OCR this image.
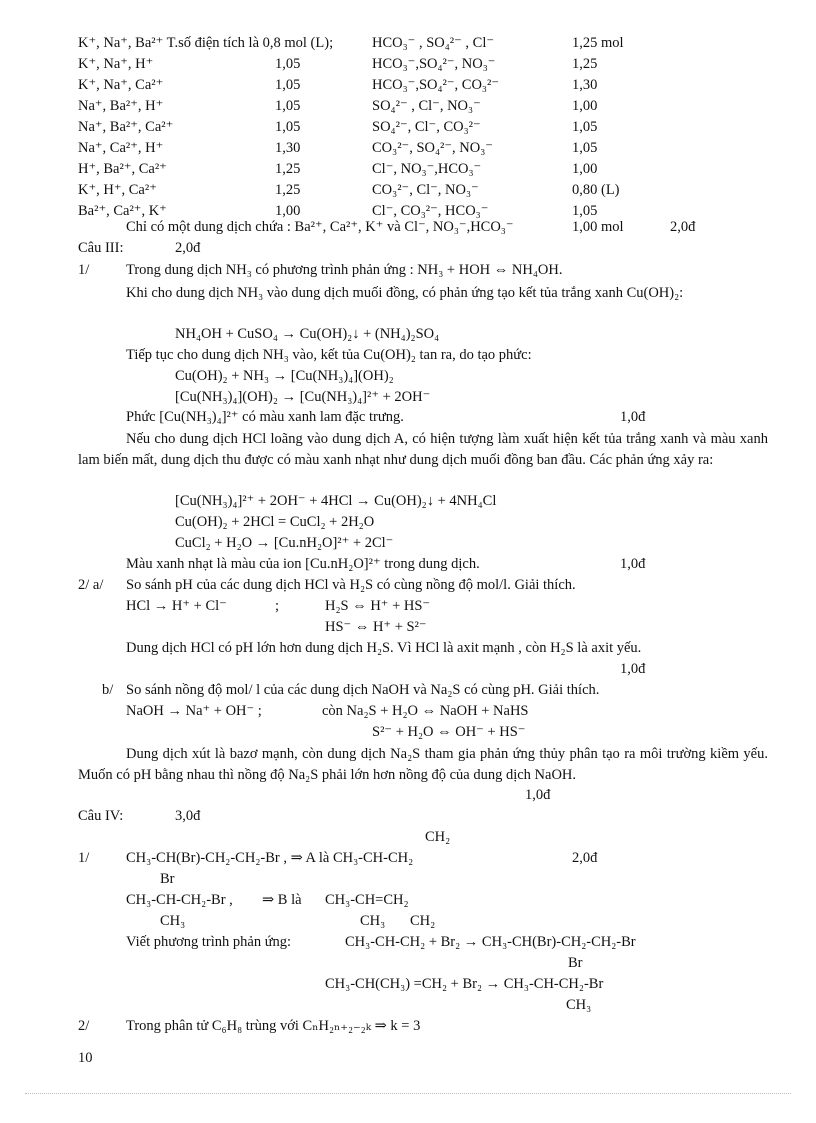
K⁺, Na⁺, Ba²⁺ T.số điện tích là 0,8 mol (L);	HCO₃⁻ , SO₄²⁻ , Cl⁻	1,25 mol
K⁺, Na⁺, H⁺	1,05	HCO₃⁻,SO₄²⁻, NO₃⁻	1,25
K⁺, Na⁺, Ca²⁺	1,05	HCO₃⁻,SO₄²⁻, CO₃²⁻	1,30
Na⁺, Ba²⁺, H⁺	1,05	SO₄²⁻ , Cl⁻, NO₃⁻	1,00
Na⁺, Ba²⁺, Ca²⁺	1,05	SO₄²⁻, Cl⁻, CO₃²⁻	1,05
Na⁺, Ca²⁺, H⁺	1,30	CO₃²⁻, SO₄²⁻, NO₃⁻	1,05
H⁺, Ba²⁺, Ca²⁺	1,25	Cl⁻, NO₃⁻,HCO₃⁻	1,00
K⁺, H⁺, Ca²⁺	1,25	CO₃²⁻, Cl⁻, NO₃⁻	0,80 (L)
Ba²⁺, Ca²⁺, K⁺	1,00	Cl⁻, CO₃²⁻, HCO₃⁻	1,05
Chỉ có một dung dịch chứa : Ba²⁺, Ca²⁺, K⁺ và Cl⁻, NO₃⁻,HCO₃⁻	1,00 mol	2,0đ
Câu III:	2,0đ
1/	Trong dung dịch NH₃ có phương trình phản ứng : NH₃ + HOH ⇔ NH₄OH.
Khi cho dung dịch NH₃ vào dung dịch muối đồng, có phản ứng tạo kết tủa trắng xanh Cu(OH)₂:
NH₄OH + CuSO₄ → Cu(OH)₂↓ + (NH₄)₂SO₄
Tiếp tục cho dung dịch NH₃ vào, kết tủa Cu(OH)₂ tan ra, do tạo phức:
Cu(OH)₂ + NH₃ → [Cu(NH₃)₄](OH)₂
[Cu(NH₃)₄](OH)₂ → [Cu(NH₃)₄]²⁺ + 2OH⁻
Phức [Cu(NH₃)₄]²⁺ có màu xanh lam đặc trưng.	1,0đ
Nếu cho dung dịch HCl loãng vào dung dịch A, có hiện tượng làm xuất hiện kết tủa trắng xanh và màu xanh lam biến mất, dung dịch thu được có màu xanh nhạt như dung dịch muối đồng ban đầu. Các phản ứng xảy ra:
[Cu(NH₃)₄]²⁺ + 2OH⁻ + 4HCl → Cu(OH)₂↓ + 4NH₄Cl
Cu(OH)₂ + 2HCl = CuCl₂ + 2H₂O
CuCl₂ + H₂O → [Cu.nH₂O]²⁺ + 2Cl⁻
Màu xanh nhạt là màu của ion [Cu.nH₂O]²⁺ trong dung dịch.	1,0đ
2/ a/ So sánh pH của các dung dịch HCl và H₂S có cùng nồng độ mol/l. Giải thích.
HCl → H⁺ + Cl⁻	;	H₂S ⇔ H⁺ + HS⁻
HS⁻ ⇔ H⁺ + S²⁻
Dung dịch HCl có pH lớn hơn dung dịch H₂S. Vì HCl là axit mạnh , còn H₂S là axit yếu.
1,0đ
b/ So sánh nồng độ mol/ l của các dung dịch NaOH và Na₂S có cùng pH. Giải thích.
NaOH → Na⁺ + OH⁻ ;	còn Na₂S + H₂O ⇔ NaOH + NaHS
S²⁻ + H₂O ⇔ OH⁻ + HS⁻
Dung dịch xút là bazơ mạnh, còn dung dịch Na₂S tham gia phản ứng thủy phân tạo ra môi trường kiềm yếu. Muốn có pH bằng nhau thì nồng độ Na₂S phải lớn hơn nồng độ của dung dịch NaOH.
1,0đ
Câu IV:	3,0đ
CH₂
1/	CH₃-CH(Br)-CH₂-CH₂-Br , ⇒ A là CH₃-CH-CH₂	2,0đ
Br
CH₃-CH-CH₂-Br , ⇒ B là CH₃-CH=CH₂
CH₃	CH₃ CH₂
Viết phương trình phản ứng:	CH₃-CH-CH₂ + Br₂ → CH₃-CH(Br)-CH₂-CH₂-Br
Br
CH₃-CH(CH₃) =CH₂ + Br₂ → CH₃-CH-CH₂-Br
CH₃
2/	Trong phân tử C₆H₈ trùng với CₙH₂ₙ₊₂₋₂ₖ ⇒ k = 3
10
